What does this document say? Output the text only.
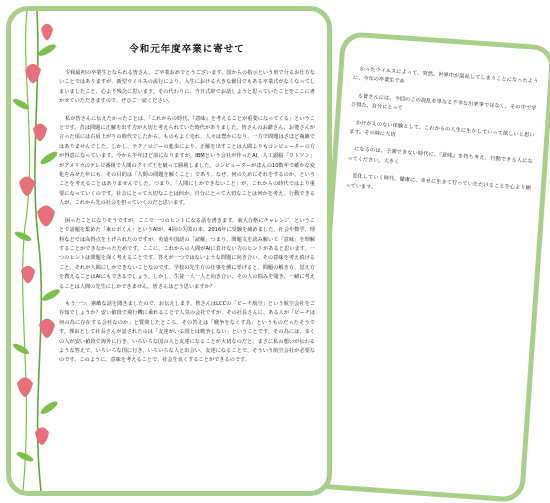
かったウイルスによって、突然、世界中が混乱してしまうことになったように、今年の卒業生であ

る皆さんには、今回のこの混乱を単なる不幸な出来事ではなく、その中で学び得た、自分にとって

かけがえのない体験として、これからの人生に生かしていって欲しいと思います。その時に大切

になるのは、予測できない時代に、『意味』を持ち考え、行動できる人になってください。大きく

変化していく時代、健康に、幸せに生きて行っていただけることを心より願っています。

令和元年度卒業に寄せて

令和最初の卒業生となられる皆さん、ご卒業おめでとうございます。国からの指示という形で分るお仕方ないことではありますが、新型ウイルスの流行により、入生における大きな節目でもある卒業式がなくなってしまいましたこと、心より残念に思います。その代わりに、当日式辞でお話しようと思っていたことをここに書かせていただきますので、ぜひご一読ください。

私が皆さんに伝えたかったことは、「これからの時代、『意味』を考えることが重要になってくる」ということです。昔は問題に正解を出す力が大切と考えられていた時代がありました。皆さんのお爺さん、お婆さんが言った頃には右肩上がりの時代でしたから、ものもよく売れ、人々は豊かになり、一方で問題はさほど複雑ではありませんでした。しかし、テクノロジーの進歩により、正解を出すことは人間よりもコンピューターの方が得意になっています。今から半年ほど前になりますが、IBMという会社が作ったAI、人工頭脳「ワトソン」がアメリカのテレビ番組で人間のクイズ王を破って勝利しました。コンピューターがほんの10数年で確かな変化をみせた年にも、その目的は「人間の問題を解くこと」であり、なぜ、何のためにそれをするのか、ということを考えることはありませんでした。つまり、「人間にしかできないこと」が、これからの時代ではより重要になっていくのです。社会にとって大切なことは何か、自分にとって大切なことは何かを考え、行動できる人が、これから先の社会を担っていくのだと思います。

困ったことになりそうですが、ここで一つのヒントになる話を書きます。東大合格にチャレンジ、ということで話題を集めた「東ロボくん」というAIが、4回の失敗の末、2016年に受験を諦めました。社会や数学、理科などでは高得点を上げられたのですが、英語や国語の「読解」つまり、問題文を読み解いて「意味」を理解することができなかったためです。ここに、これからの人間がAIに負けない力のヒントがあると思います。一つのヒントは問題を深く考えることです。答えが一つではないような問題に向き合い、その意味を考え続けること、それが人間にしかできないことなのです。学校の先生方の仕事を例に挙げると、問題の解き方、覚え方を教えることはAIにもできるでしょう。しかし、生徒一人一人と向き合い、その人の悩みを聞き、一緒に考えることは人間の先生にしかできません。皆さんはどう思いますか？

もう一つ、素敵な話を聞きましたので、お伝えします。皆さんはLCCの「ピーチ航空」という航空会社をご存知でしょうか？安い値段で飛行機に乗れることで人気の会社ですが、その社長さんに、ある人が「ピーチは何の為に存在する会社なのか」と質問したところ、その答えは「戦争をなくす為」というものだったそうです。理由として社長さんが話されたのは「友達がいる国とは戦争しない」ということです。その為には、多くの人が安い値段で海外に行き、いろいろな国の人と友達になることが大切なのだと。まさに私の想いが伝わるような答えで、いろいろな国に行き、いろいろな人と出会い、友達になることで、そういう航空会社が必要なのです。このように、意味を考えることで、社会を良くすることができるのです。
